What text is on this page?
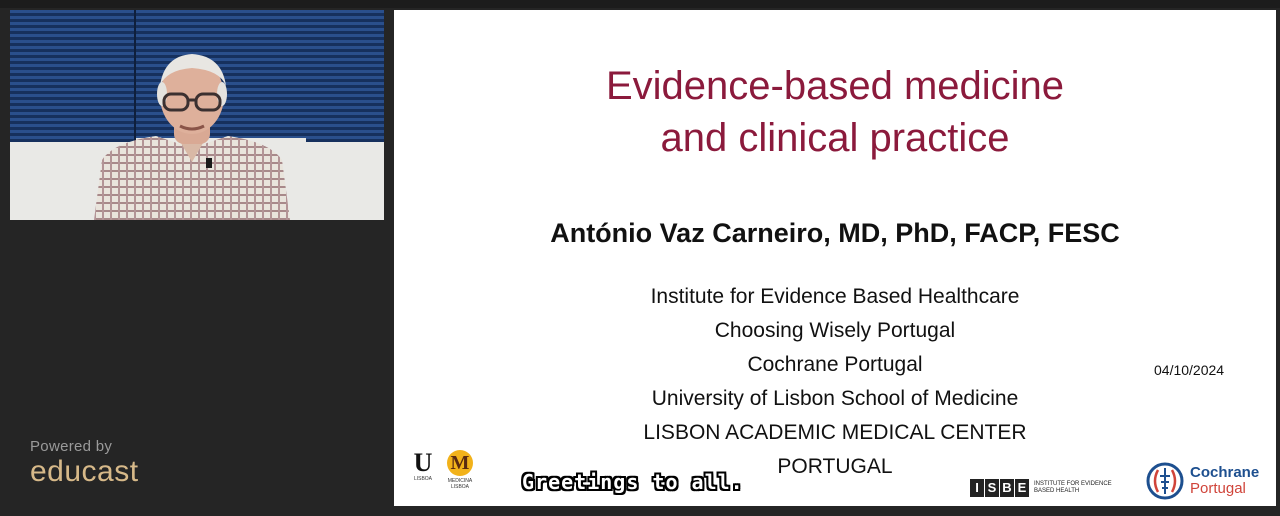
Powered by
educast
Evidence-based medicine
and clinical practice
António Vaz Carneiro, MD, PhD, FACP, FESC
Institute for Evidence Based Healthcare
Choosing Wisely Portugal
Cochrane Portugal
University of Lisbon School of Medicine
LISBON ACADEMIC MEDICAL CENTER
PORTUGAL
04/10/2024
U
LISBOA
M
MEDICINA LISBOA	I S B E	INSTITUTE FOR EVIDENCE BASED HEALTH
Cochrane
Portugal
Greetings to all.
